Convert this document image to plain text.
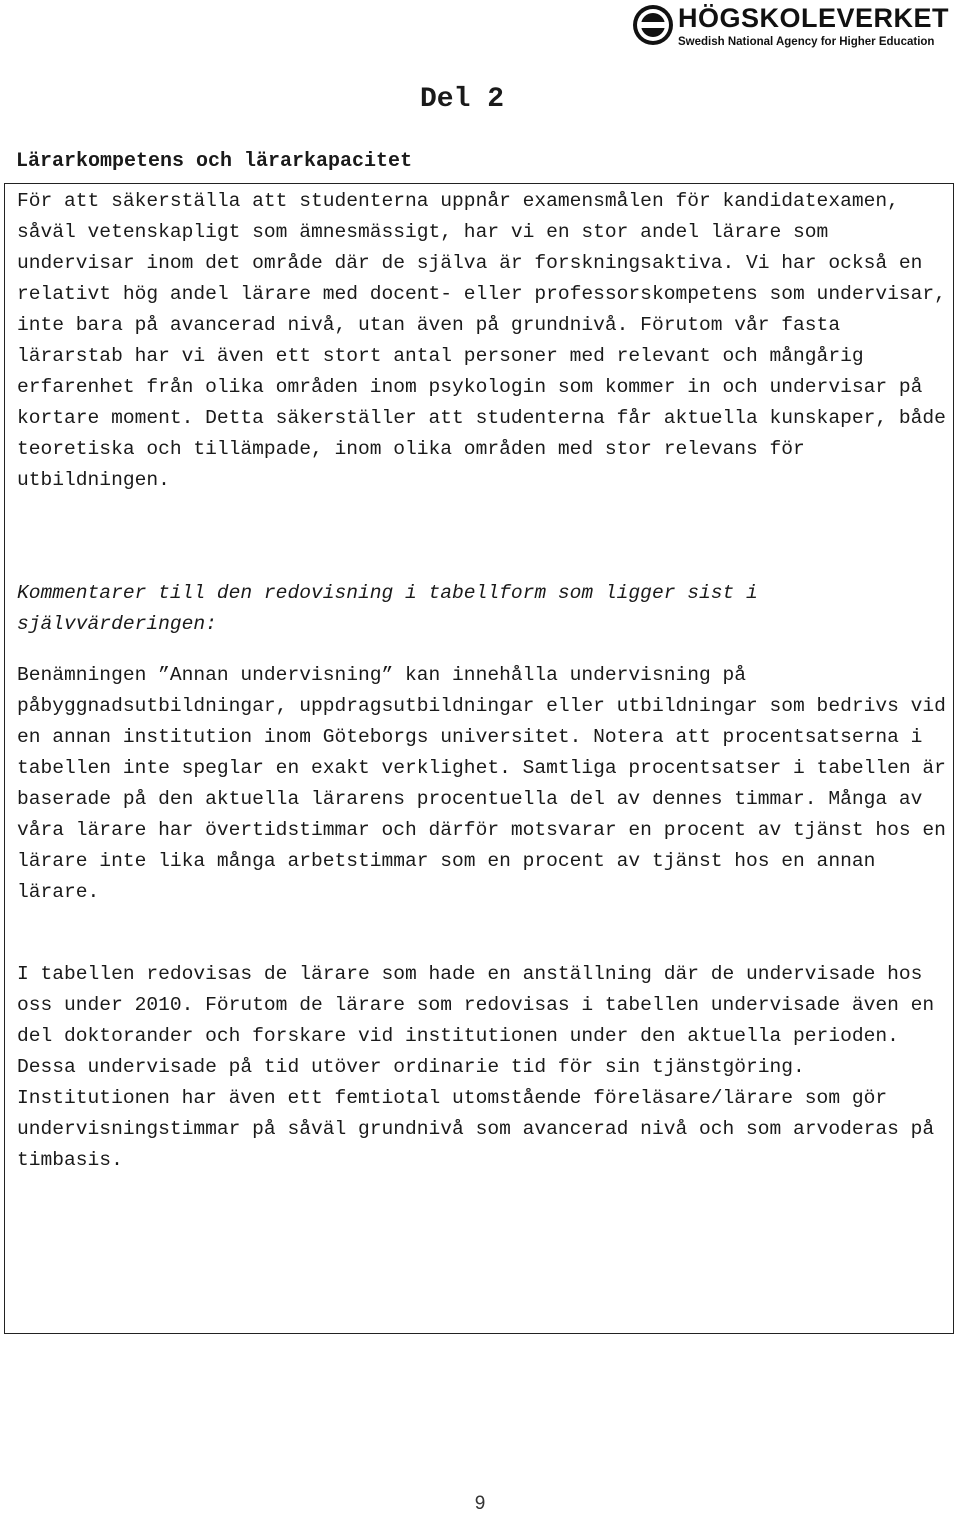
HÖGSKOLEVERKET
Swedish National Agency for Higher Education
Del 2
Lärarkompetens och lärarkapacitet

För att säkerställa att studenterna uppnår examensmålen för kandidatexamen, såväl vetenskapligt som ämnesmässigt, har vi en stor andel lärare som undervisar inom det område där de själva är forskningsaktiva. Vi har också en relativt hög andel lärare med docent- eller professorskompetens som undervisar, inte bara på avancerad nivå, utan även på grundnivå. Förutom vår fasta lärarstab har vi även ett stort antal personer med relevant och mångårig erfarenhet från olika områden inom psykologin som kommer in och undervisar på kortare moment. Detta säkerställer att studenterna får aktuella kunskaper, både teoretiska och tillämpade, inom olika områden med stor relevans för utbildningen.

Kommentarer till den redovisning i tabellform som ligger sist i självvärderingen:

Benämningen ”Annan undervisning” kan innehålla undervisning på påbyggnadsutbildningar, uppdragsutbildningar eller utbildningar som bedrivs vid en annan institution inom Göteborgs universitet. Notera att procentsatserna i tabellen inte speglar en exakt verklighet. Samtliga procentsatser i tabellen är baserade på den aktuella lärarens procentuella del av dennes timmar. Många av våra lärare har övertidstimmar och därför motsvarar en procent av tjänst hos en lärare inte lika många arbetstimmar som en procent av tjänst hos en annan lärare.

I tabellen redovisas de lärare som hade en anställning där de undervisade hos oss under 2010. Förutom de lärare som redovisas i tabellen undervisade även en del doktorander och forskare vid institutionen under den aktuella perioden. Dessa undervisade på tid utöver ordinarie tid för sin tjänstgöring. Institutionen har även ett femtiotal utomstående föreläsare/lärare som gör undervisningstimmar på såväl grundnivå som avancerad nivå och som arvoderas på timbasis.

9
